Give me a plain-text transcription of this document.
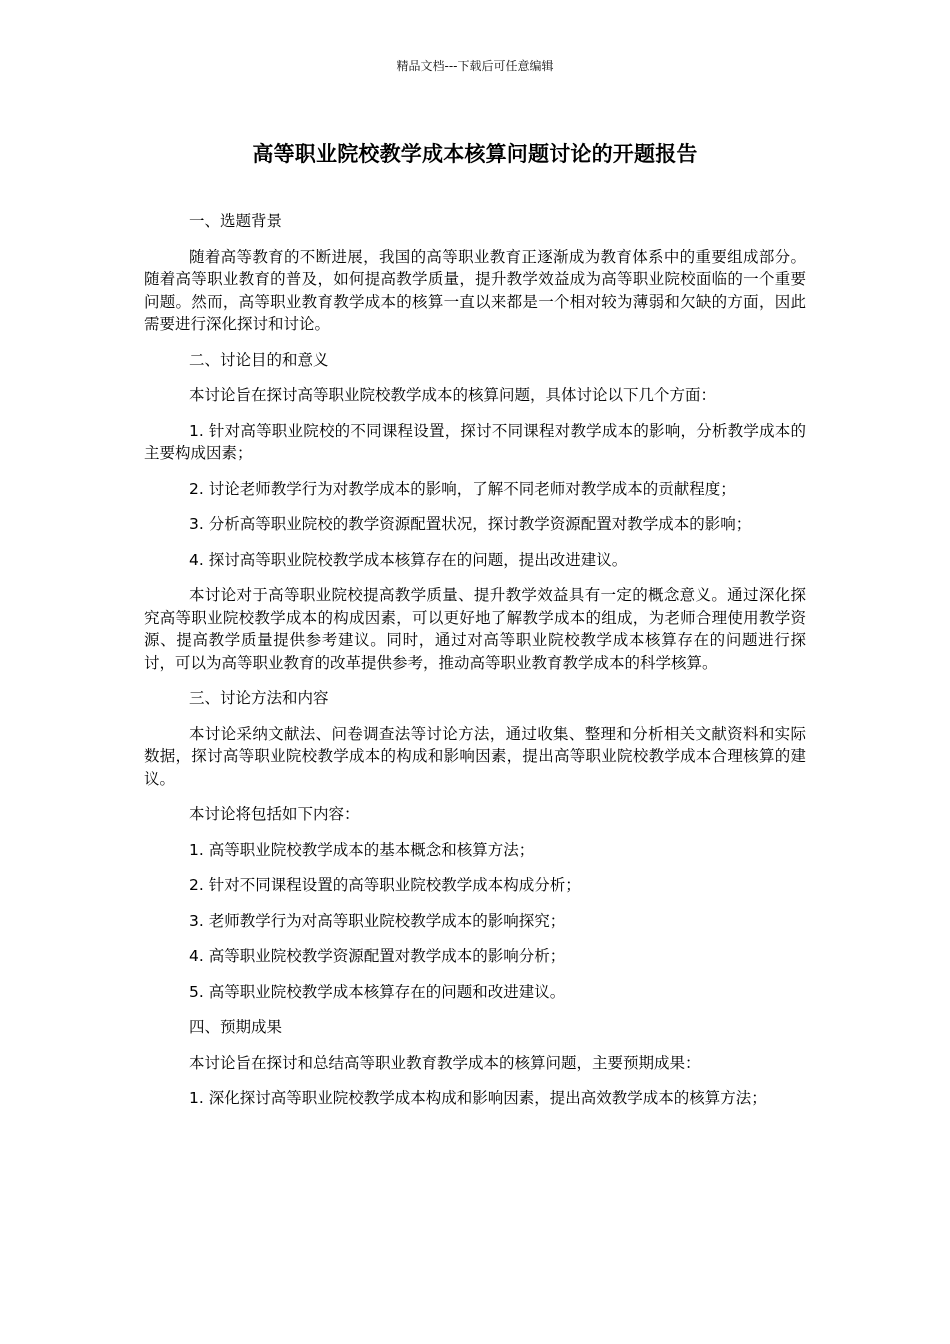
精品文档---下载后可任意编辑
高等职业院校教学成本核算问题讨论的开题报告

一、选题背景

随着高等教育的不断进展，我国的高等职业教育正逐渐成为教育体系中的重要组成部分。随着高等职业教育的普及，如何提高教学质量，提升教学效益成为高等职业院校面临的一个重要问题。然而，高等职业教育教学成本的核算一直以来都是一个相对较为薄弱和欠缺的方面，因此需要进行深化探讨和讨论。

二、讨论目的和意义

本讨论旨在探讨高等职业院校教学成本的核算问题，具体讨论以下几个方面：

1. 针对高等职业院校的不同课程设置，探讨不同课程对教学成本的影响，分析教学成本的主要构成因素；

2. 讨论老师教学行为对教学成本的影响，了解不同老师对教学成本的贡献程度；

3. 分析高等职业院校的教学资源配置状况，探讨教学资源配置对教学成本的影响；

4. 探讨高等职业院校教学成本核算存在的问题，提出改进建议。

本讨论对于高等职业院校提高教学质量、提升教学效益具有一定的概念意义。通过深化探究高等职业院校教学成本的构成因素，可以更好地了解教学成本的组成，为老师合理使用教学资源、提高教学质量提供参考建议。同时，通过对高等职业院校教学成本核算存在的问题进行探讨，可以为高等职业教育的改革提供参考，推动高等职业教育教学成本的科学核算。

三、讨论方法和内容

本讨论采纳文献法、问卷调查法等讨论方法，通过收集、整理和分析相关文献资料和实际数据，探讨高等职业院校教学成本的构成和影响因素，提出高等职业院校教学成本合理核算的建议。

本讨论将包括如下内容：

1. 高等职业院校教学成本的基本概念和核算方法；

2. 针对不同课程设置的高等职业院校教学成本构成分析；

3. 老师教学行为对高等职业院校教学成本的影响探究；

4. 高等职业院校教学资源配置对教学成本的影响分析；

5. 高等职业院校教学成本核算存在的问题和改进建议。

四、预期成果

本讨论旨在探讨和总结高等职业教育教学成本的核算问题，主要预期成果：

1. 深化探讨高等职业院校教学成本构成和影响因素，提出高效教学成本的核算方法；
